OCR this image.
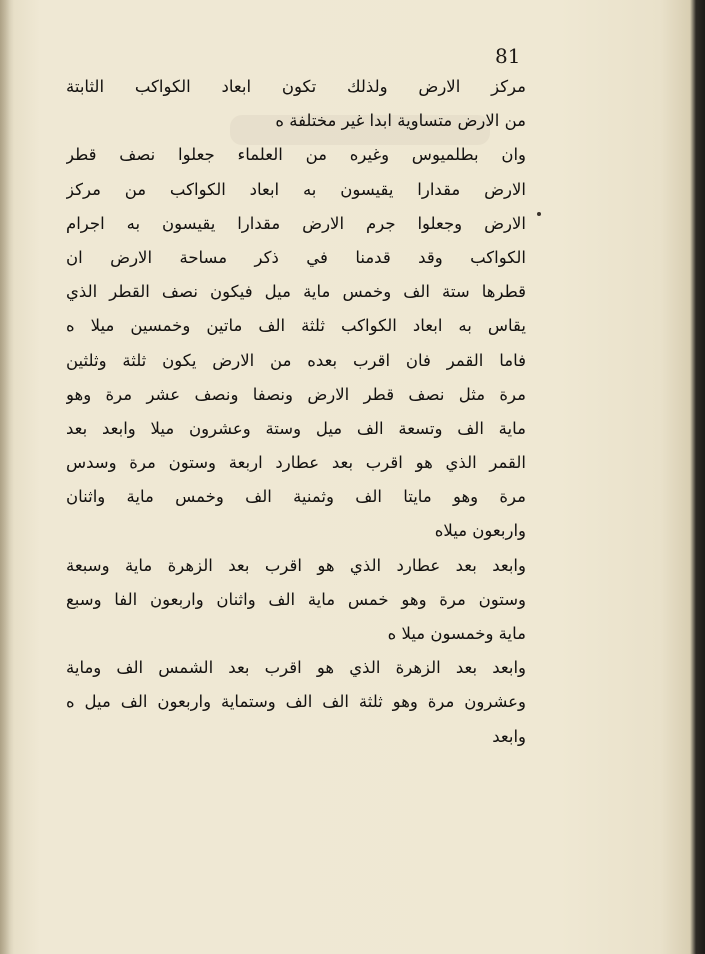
81
مركز الارض ولذلك تكون ابعاد الكواكب الثابتة
من الارض متساوية ابدا غير مختلفة ه
وان بطلميوس وغيره من العلماء جعلوا نصف قطر
الارض مقدارا يقيسون به ابعاد الكواكب من مركز
الارض وجعلوا جرم الارض مقدارا يقيسون به اجرام
الكواكب وقد قدمنا في ذكر مساحة الارض ان
قطرها ستة الف وخمس ماية ميل فيكون نصف القطر الذي
يقاس به ابعاد الكواكب ثلثة الف ماتين وخمسين ميلا ه
فاما القمر فان اقرب بعده من الارض يكون ثلثة وثلثين
مرة مثل نصف قطر الارض ونصفا ونصف عشر مرة وهو
ماية الف وتسعة الف ميل وستة وعشرون ميلا وابعد بعد
القمر الذي هو اقرب بعد عطارد اربعة وستون مرة وسدس
مرة وهو مايتا الف وثمنية الف وخمس ماية واثنان
واربعون ميلاه
وابعد بعد عطارد الذي هو اقرب بعد الزهرة ماية وسبعة
وستون مرة وهو خمس ماية الف واثنان واربعون الفا وسبع
ماية وخمسون ميلا ه
وابعد بعد الزهرة الذي هو اقرب بعد الشمس الف وماية
وعشرون مرة وهو ثلثة الف الف وستماية واربعون الف ميل ه
وابعد
